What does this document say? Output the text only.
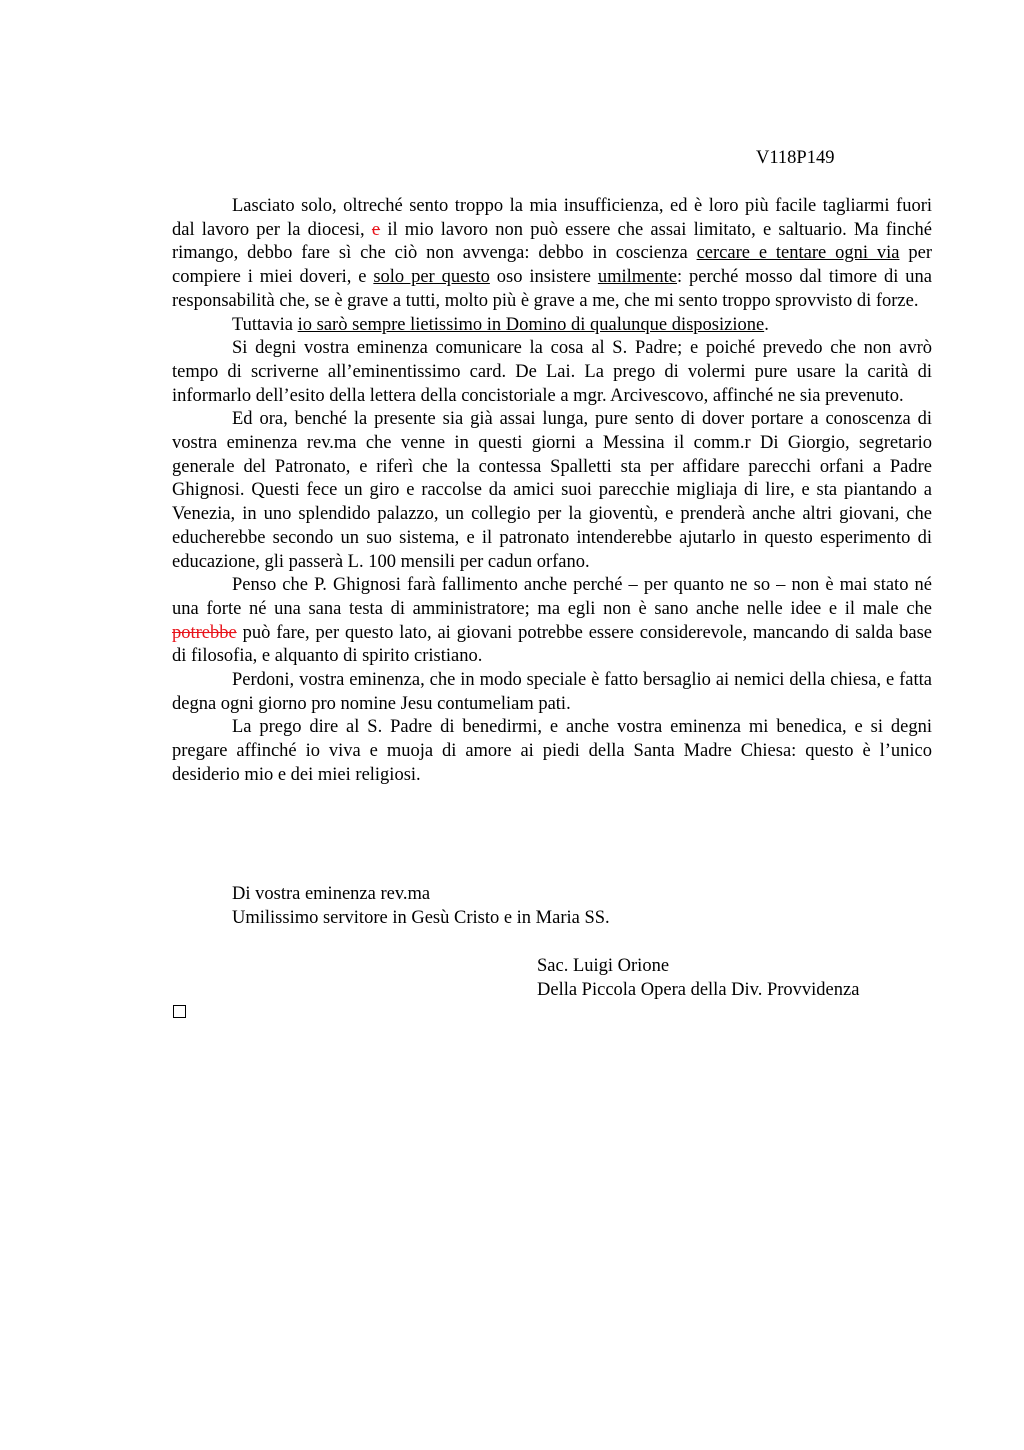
V118P149

Lasciato solo, oltreché sento troppo la mia insufficienza, ed è loro più facile tagliarmi fuori dal lavoro per la diocesi, e il mio lavoro non può essere che assai limitato, e saltuario. Ma finché rimango, debbo fare sì che ciò non avvenga: debbo in coscienza cercare e tentare ogni via per compiere i miei doveri, e solo per questo oso insistere umilmente: perché mosso dal timore di una responsabilità che, se è grave a tutti, molto più è grave a me, che mi sento troppo sprovvisto di forze.

Tuttavia io sarò sempre lietissimo in Domino di qualunque disposizione.

Si degni vostra eminenza comunicare la cosa al S. Padre; e poiché prevedo che non avrò tempo di scriverne all’eminentissimo card. De Lai. La prego di volermi pure usare la carità di informarlo dell’esito della lettera della concistoriale a mgr. Arcivescovo, affinché ne sia prevenuto.

Ed ora, benché la presente sia già assai lunga, pure sento di dover portare a conoscenza di vostra eminenza rev.ma che venne in questi giorni a Messina il comm.r Di Giorgio, segretario generale del Patronato, e riferì che la contessa Spalletti sta per affidare parecchi orfani a Padre Ghignosi. Questi fece un giro e raccolse da amici suoi parecchie migliaja di lire, e sta piantando a Venezia, in uno splendido palazzo, un collegio per la gioventù, e prenderà anche altri giovani, che educherebbe secondo un suo sistema, e il patronato intenderebbe ajutarlo in questo esperimento di educazione, gli passerà L. 100 mensili per cadun orfano.

Penso che P. Ghignosi farà fallimento anche perché – per quanto ne so – non è mai stato né una forte né una sana testa di amministratore; ma egli non è sano anche nelle idee e il male che potrebbe può fare, per questo lato, ai giovani potrebbe essere considerevole, mancando di salda base di filosofia, e alquanto di spirito cristiano.

Perdoni, vostra eminenza, che in modo speciale è fatto bersaglio ai nemici della chiesa, e fatta degna ogni giorno pro nomine Jesu contumeliam pati.

La prego dire al S. Padre di benedirmi, e anche vostra eminenza mi benedica, e si degni pregare affinché io viva e muoja di amore ai piedi della Santa Madre Chiesa: questo è l’unico desiderio mio e dei miei religiosi.

Di vostra eminenza rev.ma
Umilissimo servitore in Gesù Cristo e in Maria SS.
Sac. Luigi Orione
Della Piccola Opera della Div. Provvidenza
